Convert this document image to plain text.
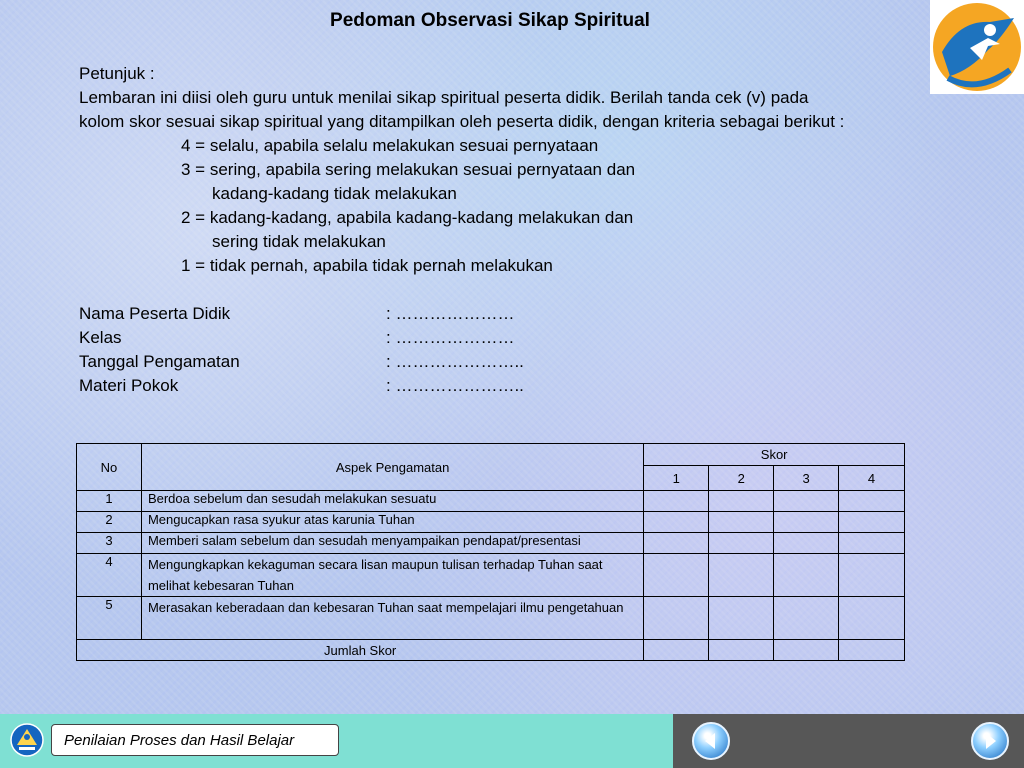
Pedoman Observasi Sikap Spiritual
Petunjuk :
Lembaran ini diisi oleh guru untuk menilai sikap spiritual peserta didik. Berilah tanda cek (v) pada
kolom skor sesuai sikap spiritual yang ditampilkan oleh peserta didik, dengan kriteria sebagai berikut :
4 = selalu, apabila selalu melakukan sesuai pernyataan
3 = sering, apabila sering melakukan sesuai pernyataan dan
kadang-kadang tidak melakukan
2 = kadang-kadang, apabila kadang-kadang melakukan dan
sering tidak melakukan
1 = tidak pernah, apabila tidak pernah melakukan
Nama Peserta Didik	: …………………
Kelas	: …………………
Tanggal Pengamatan	: …………………..
Materi Pokok	: …………………..
No	Aspek Pengamatan	Skor			
		1	2	3	4
1	Berdoa sebelum dan sesudah melakukan sesuatu				
2	Mengucapkan rasa syukur atas karunia Tuhan				
3	Memberi salam sebelum dan sesudah menyampaikan pendapat/presentasi				
4	Mengungkapkan kekaguman secara lisan maupun tulisan terhadap Tuhan saat melihat kebesaran Tuhan				
5	Merasakan keberadaan dan kebesaran Tuhan saat mempelajari ilmu pengetahuan				
Jumlah Skor					
Penilaian Proses dan Hasil Belajar
